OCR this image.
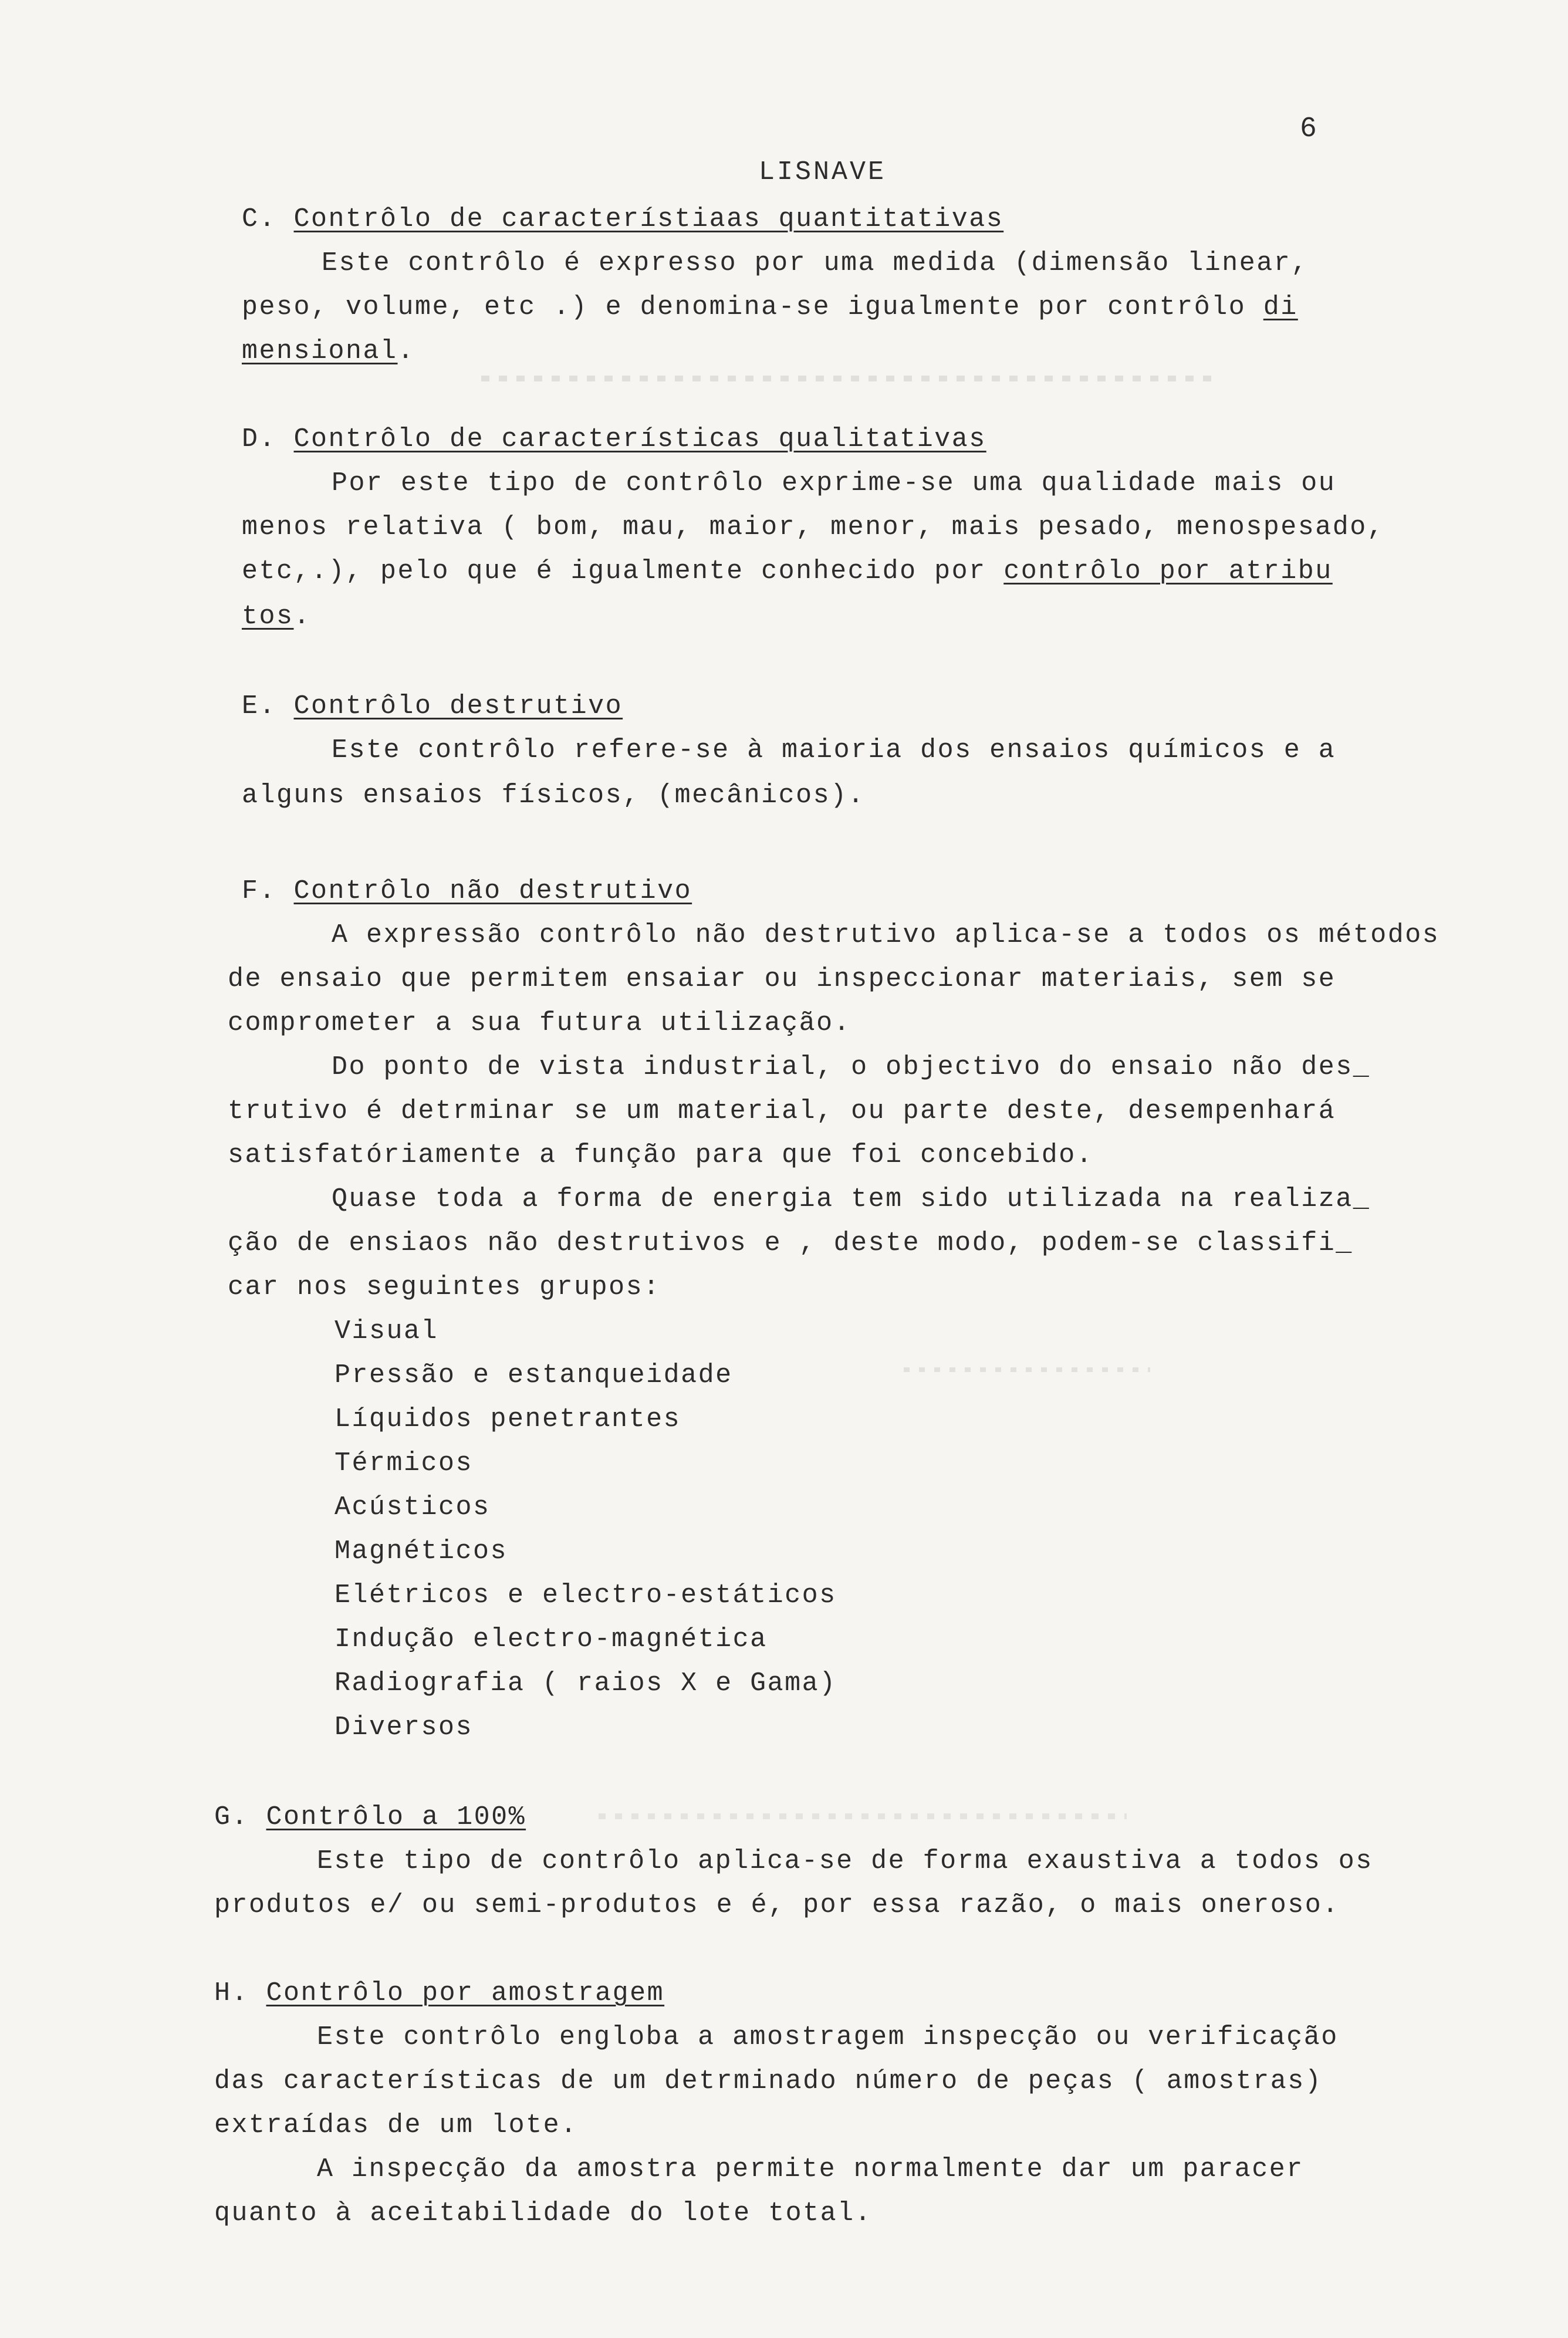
6
LISNAVE
C. Contrôlo de característiaas quantitativas
Este contrôlo é expresso por uma medida (dimensão linear,
peso, volume, etc .) e denomina-se igualmente por contrôlo di
mensional.
D. Contrôlo de características qualitativas
Por este tipo de contrôlo exprime-se uma qualidade mais ou
menos relativa ( bom, mau, maior, menor, mais pesado, menospesado,
etc,.), pelo que é igualmente conhecido por contrôlo por atribu
tos.
E. Contrôlo destrutivo
Este contrôlo refere-se à maioria dos ensaios químicos e a
alguns ensaios físicos, (mecânicos).
F. Contrôlo não destrutivo
A expressão contrôlo não destrutivo aplica-se a todos os métodos
de ensaio que permitem ensaiar ou inspeccionar materiais, sem se
comprometer a sua futura utilização.
Do ponto de vista industrial, o objectivo do ensaio não des_
trutivo é detrminar se um material, ou parte deste, desempenhará
satisfatóriamente a função para que foi concebido.
Quase toda a forma de energia tem sido utilizada na realiza_
ção de ensiaos não destrutivos e , deste modo, podem-se classifi_
car nos seguintes grupos:
Visual
Pressão e estanqueidade
Líquidos penetrantes
Térmicos
Acústicos
Magnéticos
Elétricos e electro-estáticos
Indução electro-magnética
Radiografia ( raios X e Gama)
Diversos
G. Contrôlo a 100%
Este tipo de contrôlo aplica-se de forma exaustiva a todos os
produtos e/ ou semi-produtos e é, por essa razão, o mais oneroso.
H. Contrôlo por amostragem
Este contrôlo engloba a amostragem inspecção ou verificação
das características de um detrminado número de peças ( amostras)
extraídas de um lote.
A inspecção da amostra permite normalmente dar um paracer
quanto à aceitabilidade do lote total.
